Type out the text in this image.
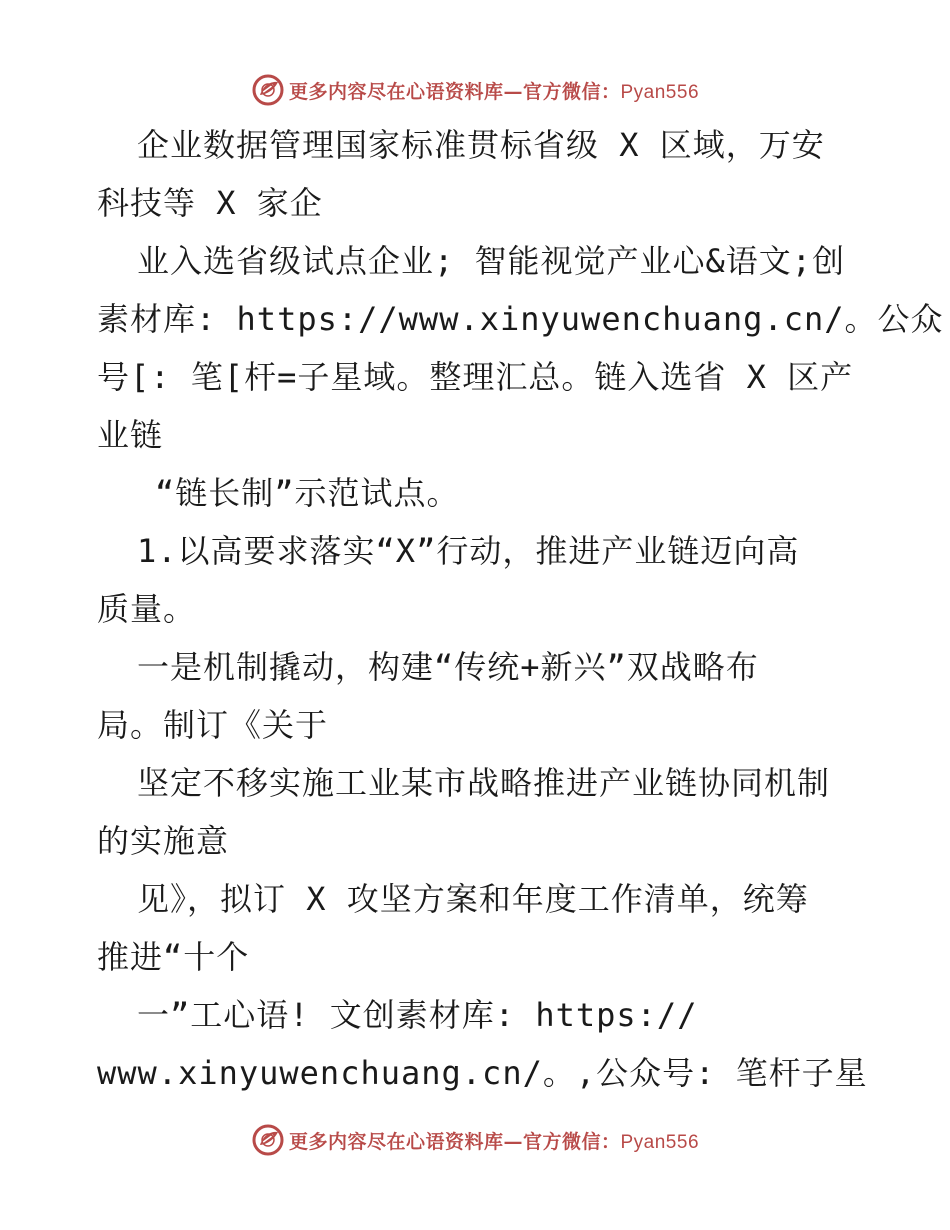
更多内容尽在心语资料库—官方微信：Pyan556
企业数据管理国家标准贯标省级 X 区域，万安
科技等 X 家企
业入选省级试点企业; 智能视觉产业心&语文;创
素材库: https://www.xinyuwenchuang.cn/。公众
号[: 笔[杆=子星域。整理汇总。链入选省 X 区产
业链
“链长制”示范试点。
1.以高要求落实“X”行动，推进产业链迈向高
质量。
一是机制撬动，构建“传统+新兴”双战略布
局。制订《关于
坚定不移实施工业某市战略推进产业链协同机制
的实施意
见》，拟订 X 攻坚方案和年度工作清单，统筹
推进“十个
一”工心语! 文创素材库: https://
www.xinyuwenchuang.cn/。,公众号: 笔杆子星
更多内容尽在心语资料库—官方微信：Pyan556
